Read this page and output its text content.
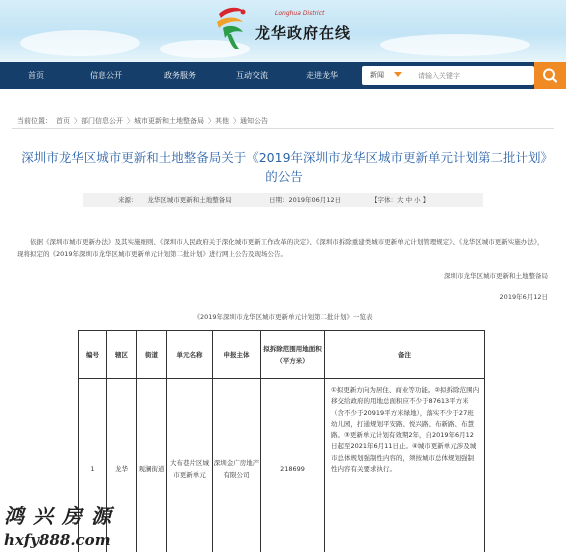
Longhua District
龙华政府在线
首页	信息公开	政务服务	互动交流	走进龙华	新闻
请输入关键字
当前位置： 首页 〉部门信息公开 〉城市更新和土地整备局 〉其他 〉通知公告
深圳市龙华区城市更新和土地整备局关于《2019年深圳市龙华区城市更新单元计划第二批计划》的公告
来源：　　龙华区城市更新和土地整备局	日期：2019年06月12日	【字体：大 中 小 】
依据《深圳市城市更新办法》及其实施细则、《深圳市人民政府关于深化城市更新工作改革的决定》、《深圳市拆除重建类城市更新单元计划管理规定》、《龙华区城市更新实施办法》，现将拟定的《2019年深圳市龙华区城市更新单元计划第二批计划》进行网上公告及现场公告。
深圳市龙华区城市更新和土地整备局
2019年6月12日
《2019年深圳市龙华区城市更新单元计划第二批计划》一览表
编号	辖区	街道	单元名称	申报主体	拟拆除范围用地面积（平方米）	备注
1	龙华	观澜街道	大布巷片区城市更新单元	深圳金广房地产有限公司	218699	①拟更新方向为居住、商业等功能。②拟拆除范围内移交给政府的用地总面积应不少于87613平方米（含不少于20919平方米绿地），落实不少于27班幼儿园，打通规划平安路、悦兴路、布新路、布慧路。③更新单元计划有效期2年，自2019年6月12日起至2021年6月11日止。④城市更新单元涉及城市总体规划强制性内容的，须按城市总体规划强制性内容有关要求执行。
鸿兴房源
hxfy888.com
